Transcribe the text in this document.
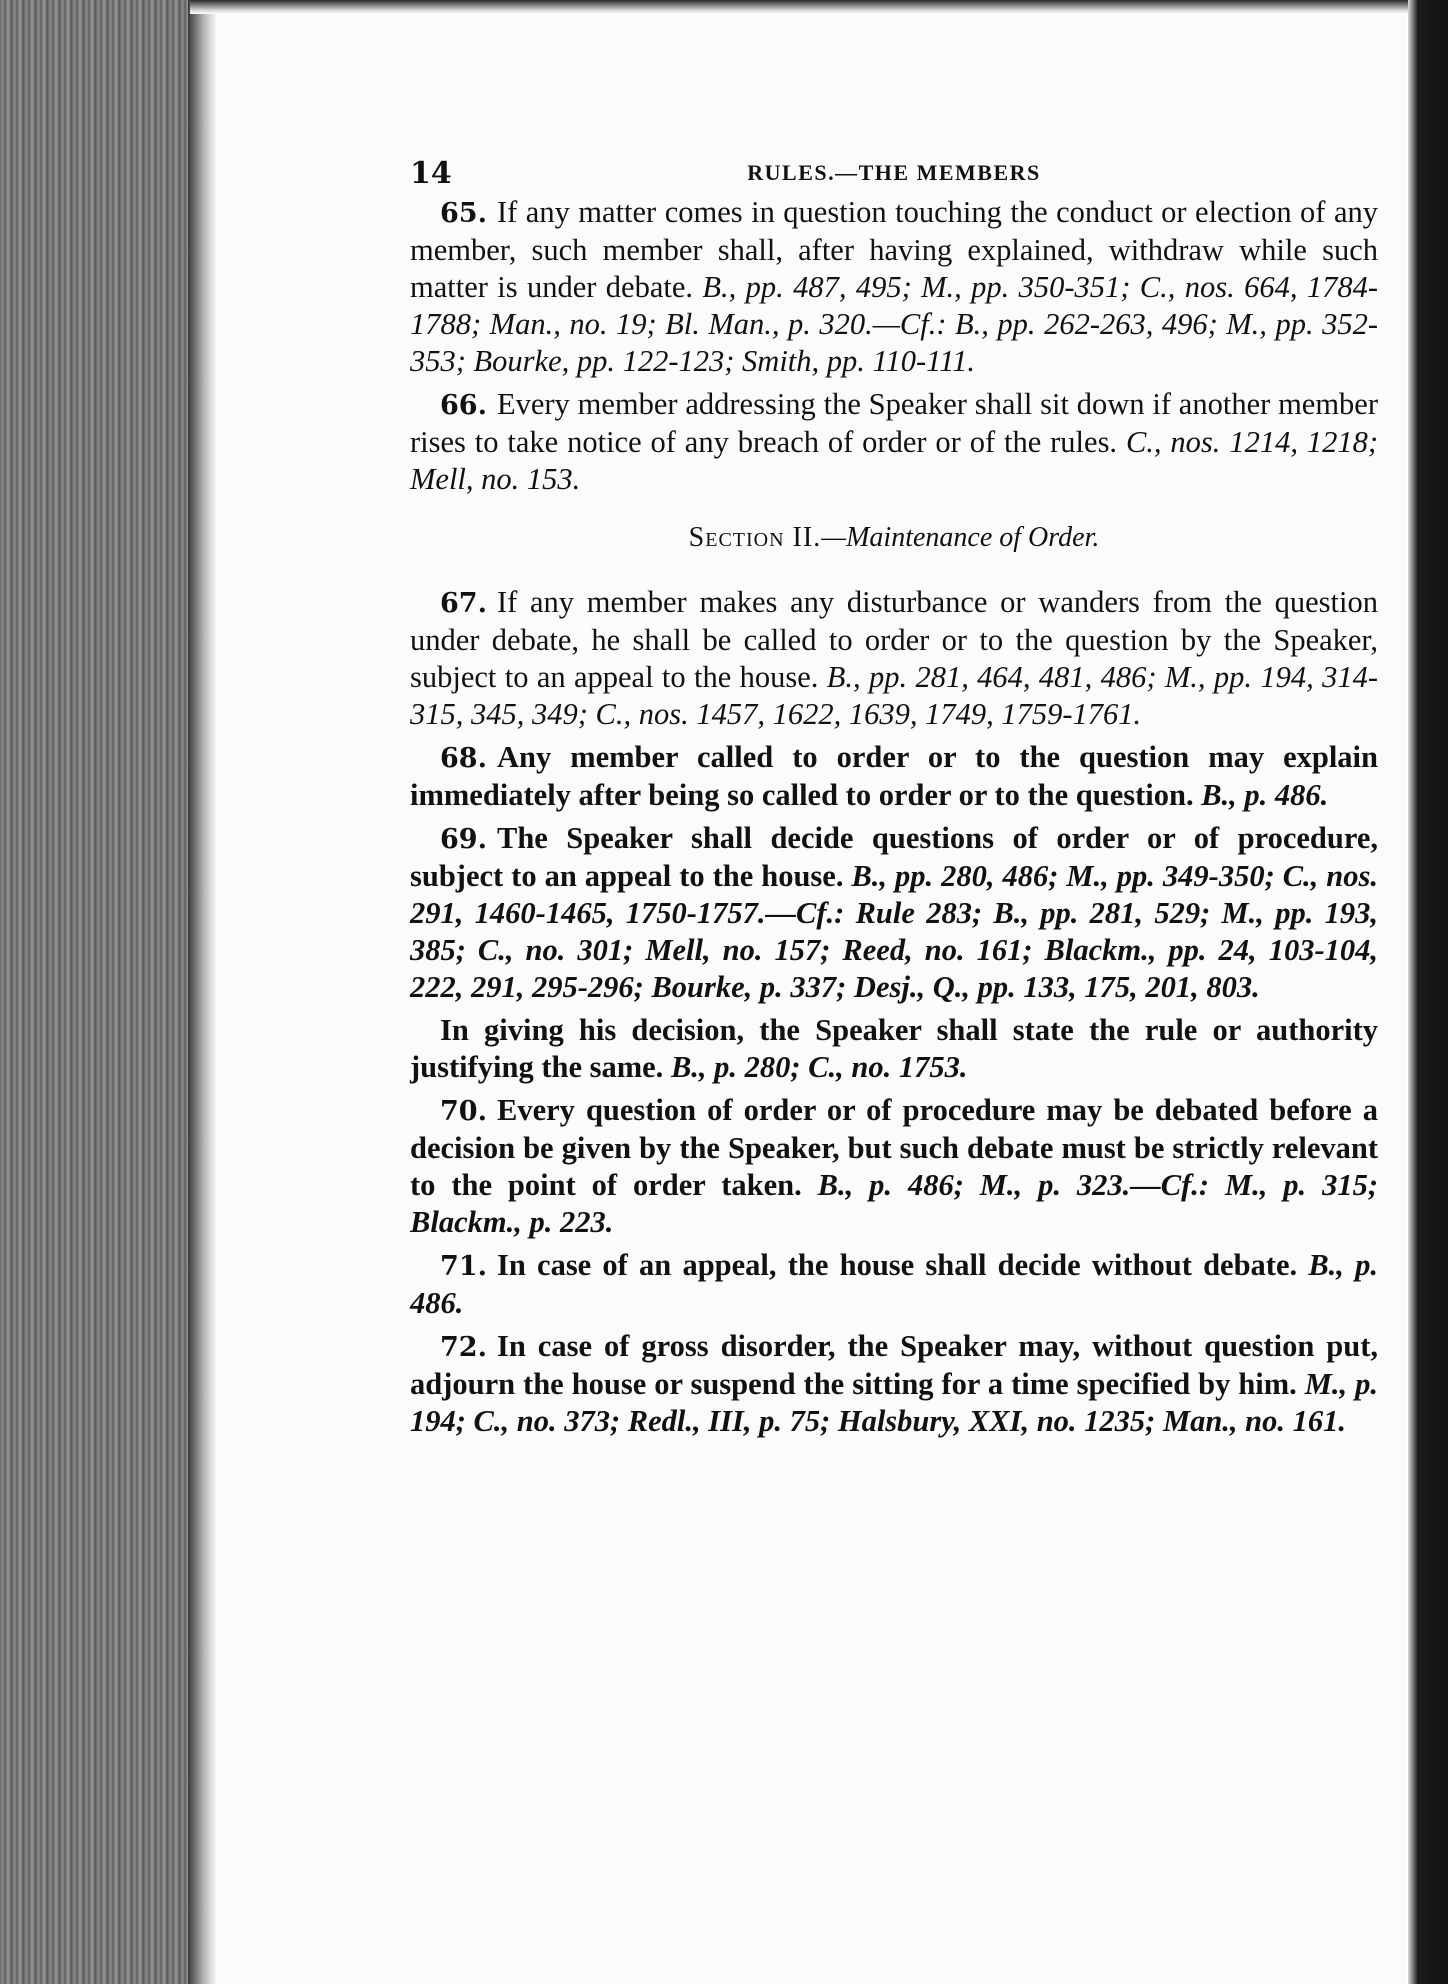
14	RULES.—THE MEMBERS

65. If any matter comes in question touching the conduct or election of any member, such member shall, after having explained, withdraw while such matter is under debate. B., pp. 487, 495; M., pp. 350-351; C., nos. 664, 1784-1788; Man., no. 19; Bl. Man., p. 320.—Cf.: B., pp. 262-263, 496; M., pp. 352-353; Bourke, pp. 122-123; Smith, pp. 110-111.

66. Every member addressing the Speaker shall sit down if another member rises to take notice of any breach of order or of the rules. C., nos. 1214, 1218; Mell, no. 153.

Section II.—Maintenance of Order.

67. If any member makes any disturbance or wanders from the question under debate, he shall be called to order or to the question by the Speaker, subject to an appeal to the house. B., pp. 281, 464, 481, 486; M., pp. 194, 314-315, 345, 349; C., nos. 1457, 1622, 1639, 1749, 1759-1761.

68. Any member called to order or to the question may explain immediately after being so called to order or to the question. B., p. 486.

69. The Speaker shall decide questions of order or of procedure, subject to an appeal to the house. B., pp. 280, 486; M., pp. 349-350; C., nos. 291, 1460-1465, 1750-1757.—Cf.: Rule 283; B., pp. 281, 529; M., pp. 193, 385; C., no. 301; Mell, no. 157; Reed, no. 161; Blackm., pp. 24, 103-104, 222, 291, 295-296; Bourke, p. 337; Desj., Q., pp. 133, 175, 201, 803.

In giving his decision, the Speaker shall state the rule or authority justifying the same. B., p. 280; C., no. 1753.

70. Every question of order or of procedure may be debated before a decision be given by the Speaker, but such debate must be strictly relevant to the point of order taken. B., p. 486; M., p. 323.—Cf.: M., p. 315; Blackm., p. 223.

71. In case of an appeal, the house shall decide without debate. B., p. 486.

72. In case of gross disorder, the Speaker may, without question put, adjourn the house or suspend the sitting for a time specified by him. M., p. 194; C., no. 373; Redl., III, p. 75; Halsbury, XXI, no. 1235; Man., no. 161.
